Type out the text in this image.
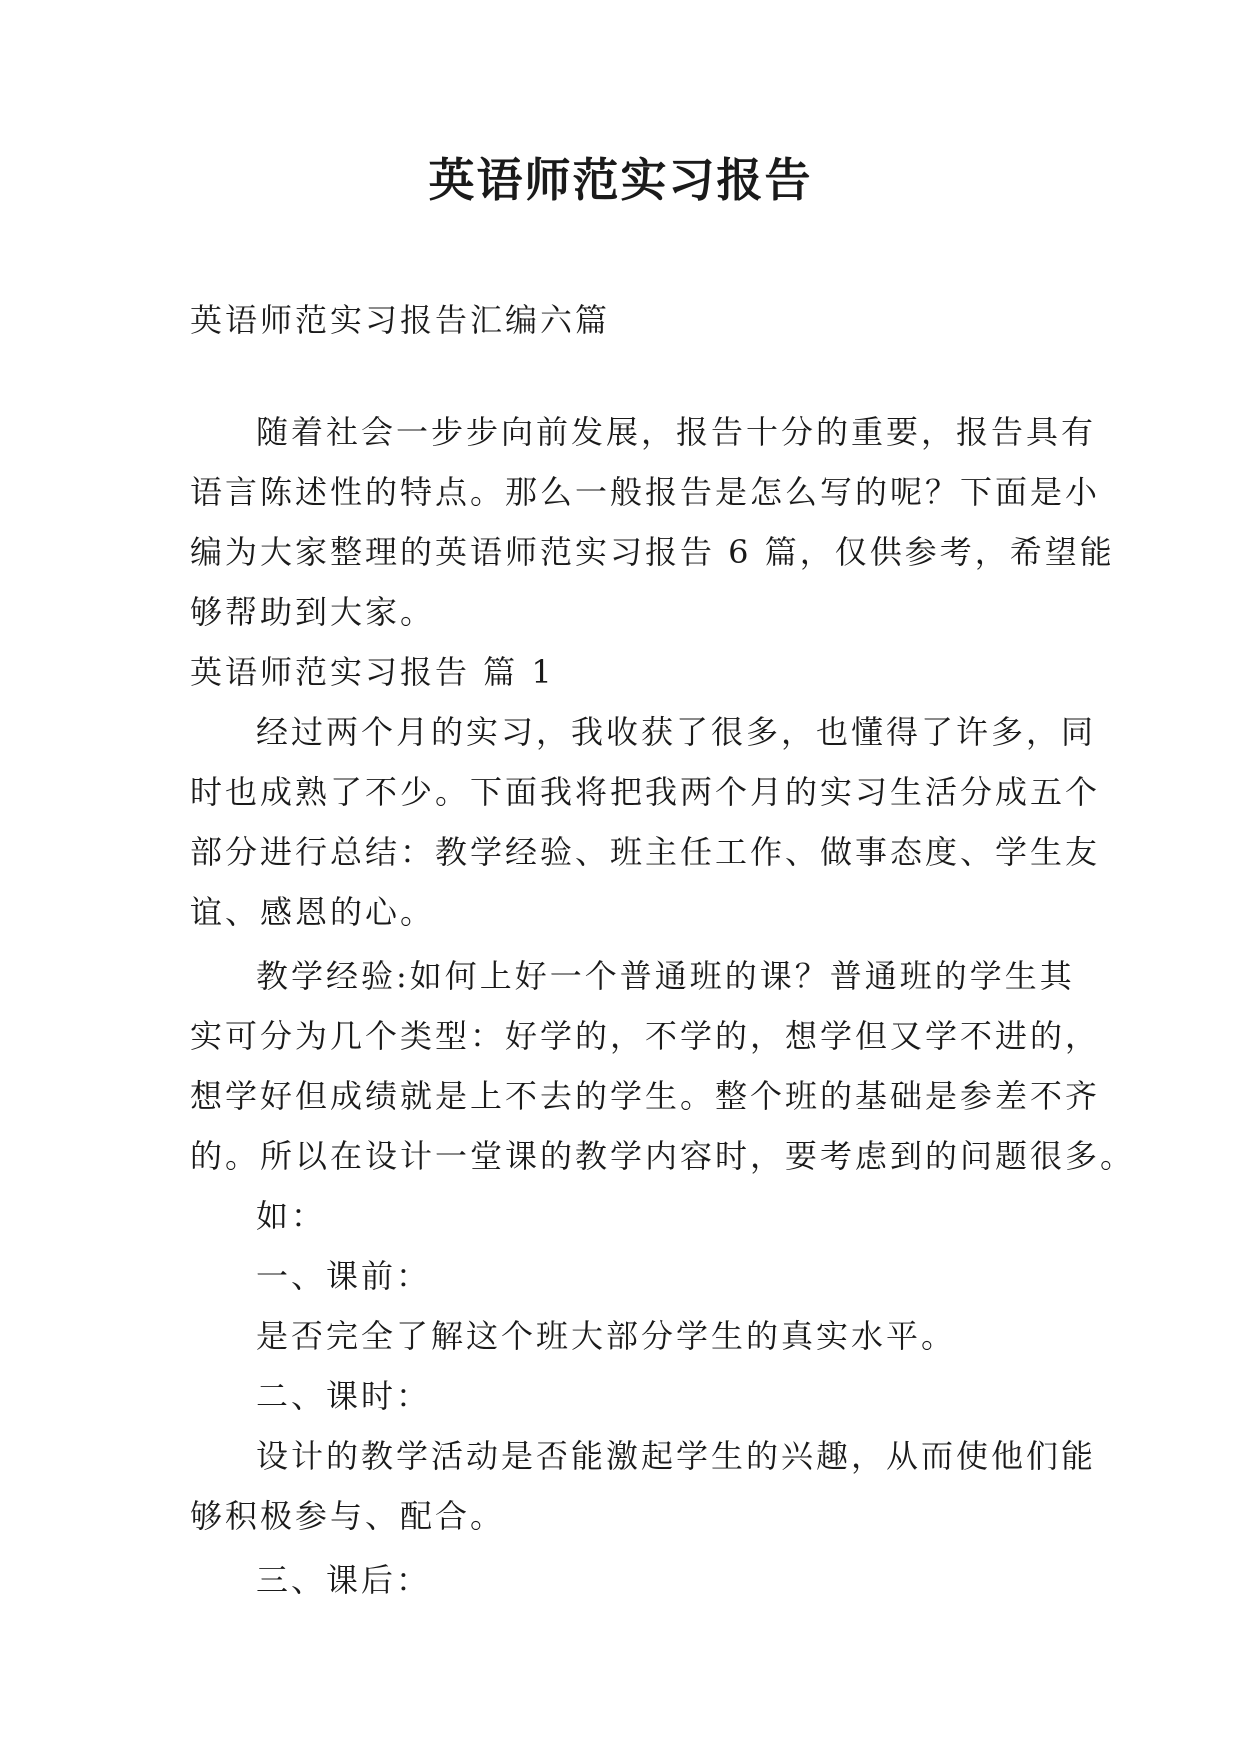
英语师范实习报告
英语师范实习报告汇编六篇
随着社会一步步向前发展，报告十分的重要，报告具有
语言陈述性的特点。那么一般报告是怎么写的呢？下面是小
编为大家整理的英语师范实习报告 6 篇，仅供参考，希望能
够帮助到大家。
英语师范实习报告 篇 1
经过两个月的实习，我收获了很多，也懂得了许多，同
时也成熟了不少。下面我将把我两个月的实习生活分成五个
部分进行总结：教学经验、班主任工作、做事态度、学生友
谊、感恩的心。
教学经验:如何上好一个普通班的课？普通班的学生其
实可分为几个类型：好学的，不学的，想学但又学不进的，
想学好但成绩就是上不去的学生。整个班的基础是参差不齐
的。所以在设计一堂课的教学内容时，要考虑到的问题很多。
如：
一、课前：
是否完全了解这个班大部分学生的真实水平。
二、课时：
设计的教学活动是否能激起学生的兴趣，从而使他们能
够积极参与、配合。
三、课后：
